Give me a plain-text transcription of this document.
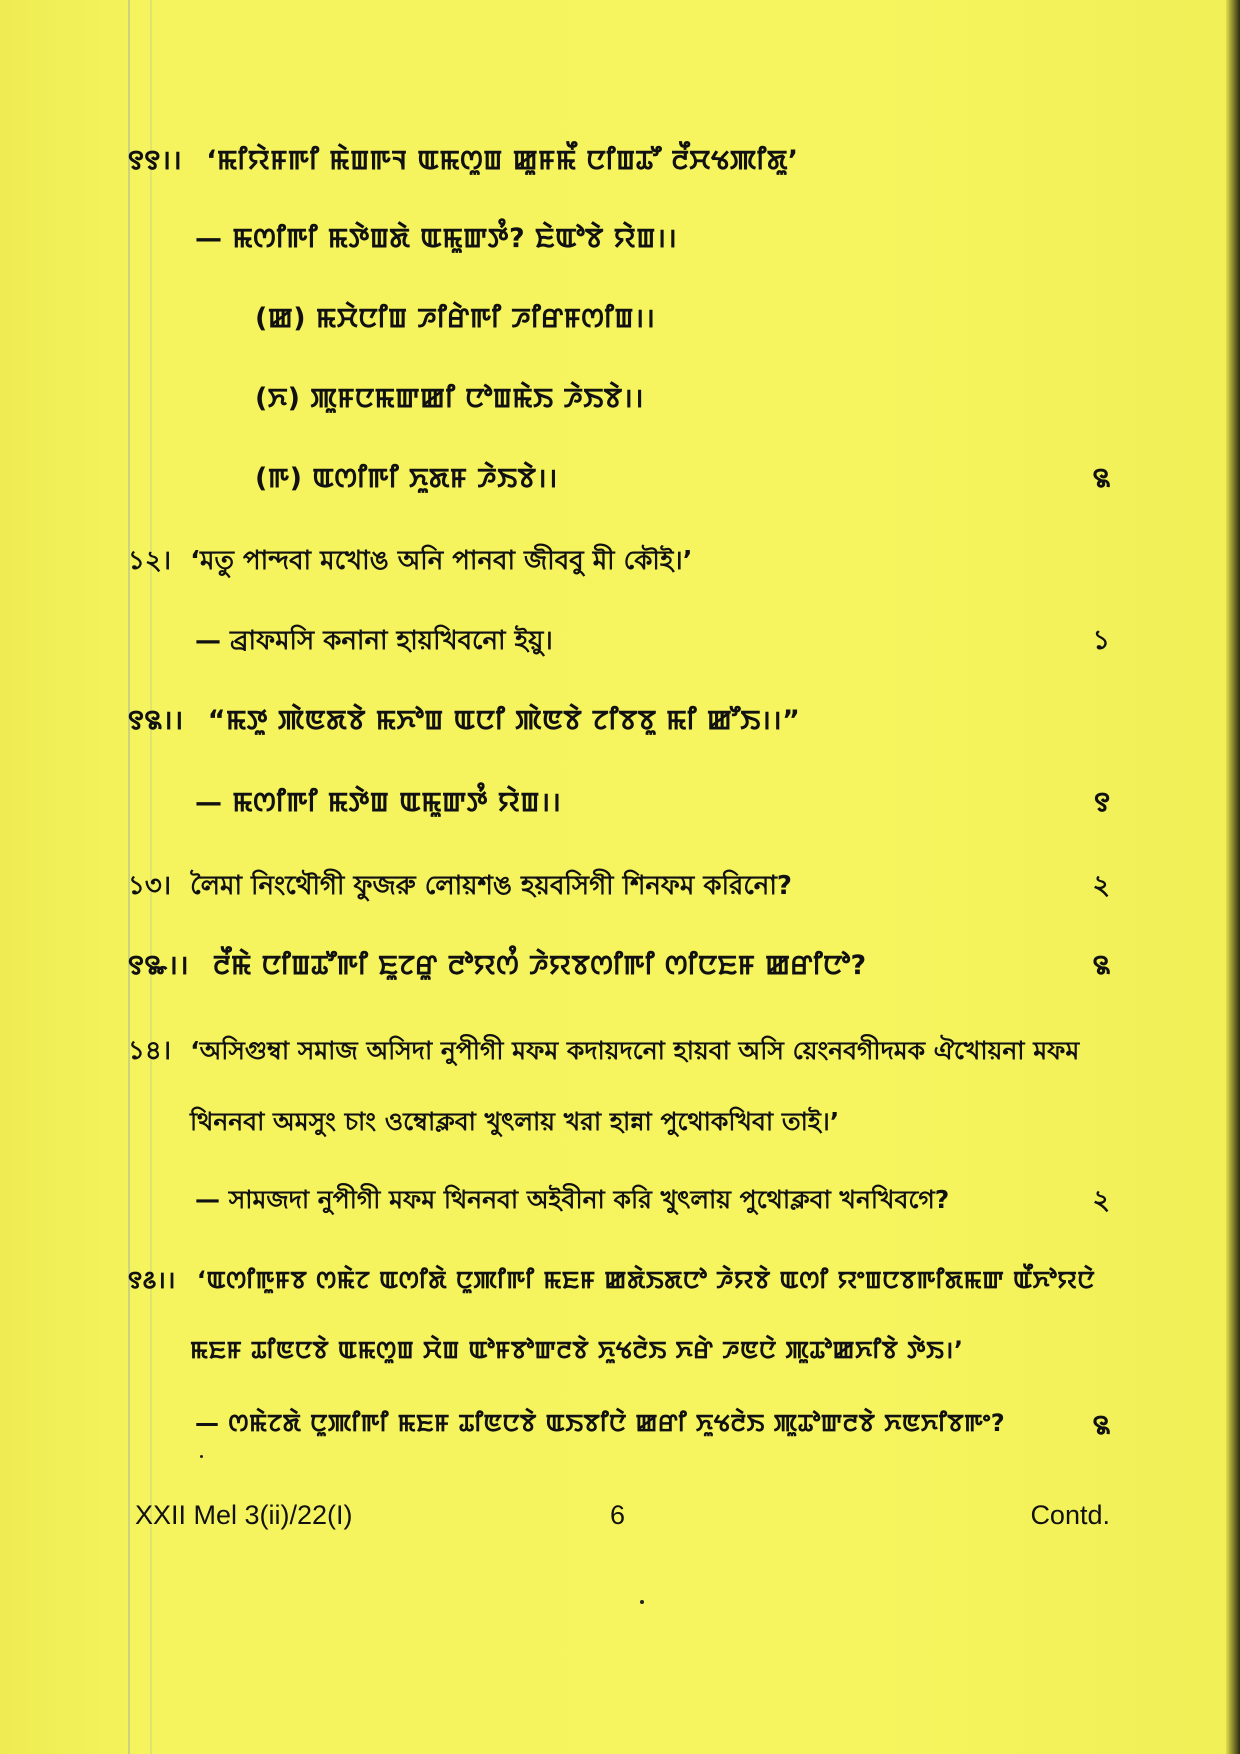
꯱꯱।। ‘ꯃꯤꯌꯥꯝꯒꯤ ꯃꯥꯡꯒꯜ ꯑꯃꯁꯨꯡ ꯀꯨꯝꯃꯩ ꯅꯤꯡꯊꯧ ꯂꯩꯆꯠꯄꯤꯗꯨ’
— ꯃꯁꯤꯒꯤ ꯃꯇꯥꯡꯗꯥ ꯑꯃꯨꯛꯇꯪ? ꯐꯥꯑꯣꯕꯥ ꯌꯥꯡ।।
(ꯀ) ꯃꯆꯥꯅꯤꯡ ꯍꯤꯔꯥꯒꯤ ꯍꯤꯔꯝꯁꯤꯡ।।
(ꯈ) ꯄꯨꯝꯅꯃꯛꯀꯤ ꯅꯣꯡꯃꯥꯏ ꯍꯥꯏꯕꯥ।।
(ꯒ) ꯑꯁꯤꯒꯤ ꯈꯨꯗꯝ ꯍꯥꯏꯕꯥ।।	꯲
১২। ‘মতু পান্দবা মখোঙ অনি পানবা জীববু মী কৌই।’
— ব্রাফমসি কনানা হায়খিবনো ইয়ু।	১
꯱꯲।। “ꯃꯇꯨ ꯄꯥꯟꯗꯕꯥ ꯃꯈꯣꯡ ꯑꯅꯤ ꯄꯥꯟꯕꯥ ꯖꯤꯕꯕꯨ ꯃꯤ ꯀꯧꯏ।।”
— ꯃꯁꯤꯒꯤ ꯃꯇꯥꯡ ꯑꯃꯨꯛꯇꯪ ꯌꯥꯡ।।	꯱
১৩। লৈমা নিংথৌগী ফুজরু লোয়শঙ হয়বসিগী শিনফম করিনো?	২
꯱꯳।। ꯂꯩꯃꯥ ꯅꯤꯡꯊꯧꯒꯤ ꯐꯨꯖꯔꯨ ꯂꯣꯌꯁꯪ ꯍꯥꯌꯕꯁꯤꯒꯤ ꯁꯤꯅꯐꯝ ꯀꯔꯤꯅꯣ?	꯲
১৪। ‘অসিগুম্বা সমাজ অসিদা নুপীগী মফম কদায়দনো হায়বা অসি য়েংনবগীদমক ঐখোয়না মফম
থিননবা অমসুং চাং ওম্বোক্লবা খুৎলায় খরা হান্না পুথোকখিবা তাই।’
— সামজদা নুপীগী মফম থিননবা অইবীনা করি খুৎলায় পুথোক্লবা খনখিবগে?	২
꯱꯴।। ‘ꯑꯁꯤꯒꯨꯝꯕ ꯁꯃꯥꯖ ꯑꯁꯤꯗꯥ ꯅꯨꯄꯤꯒꯤ ꯃꯐꯝ ꯀꯗꯥꯏꯗꯅꯣ ꯍꯥꯌꯕꯥ ꯑꯁꯤ ꯌꯦꯡꯅꯕꯒꯤꯗꯃꯛ ꯑꯩꯈꯣꯌꯅꯥ
ꯃꯐꯝ ꯊꯤꯟꯅꯕꯥ ꯑꯃꯁꯨꯡ ꯆꯥꯡ ꯑꯣꯝꯕꯣꯛꯂꯕꯥ ꯈꯨꯠꯂꯥꯏ ꯈꯔꯥ ꯍꯟꯅꯥ ꯄꯨꯊꯣꯀꯈꯤꯕꯥ ꯇꯥꯏ।’
— ꯁꯃꯥꯖꯗꯥ ꯅꯨꯄꯤꯒꯤ ꯃꯐꯝ ꯊꯤꯟꯅꯕꯥ ꯑꯏꯕꯤꯅꯥ ꯀꯔꯤ ꯈꯨꯠꯂꯥꯏ ꯄꯨꯊꯣꯛꯂꯕꯥ ꯈꯟꯈꯤꯕꯒꯦ?	꯲
XXII Mel 3(ii)/22(I)	6	Contd.
